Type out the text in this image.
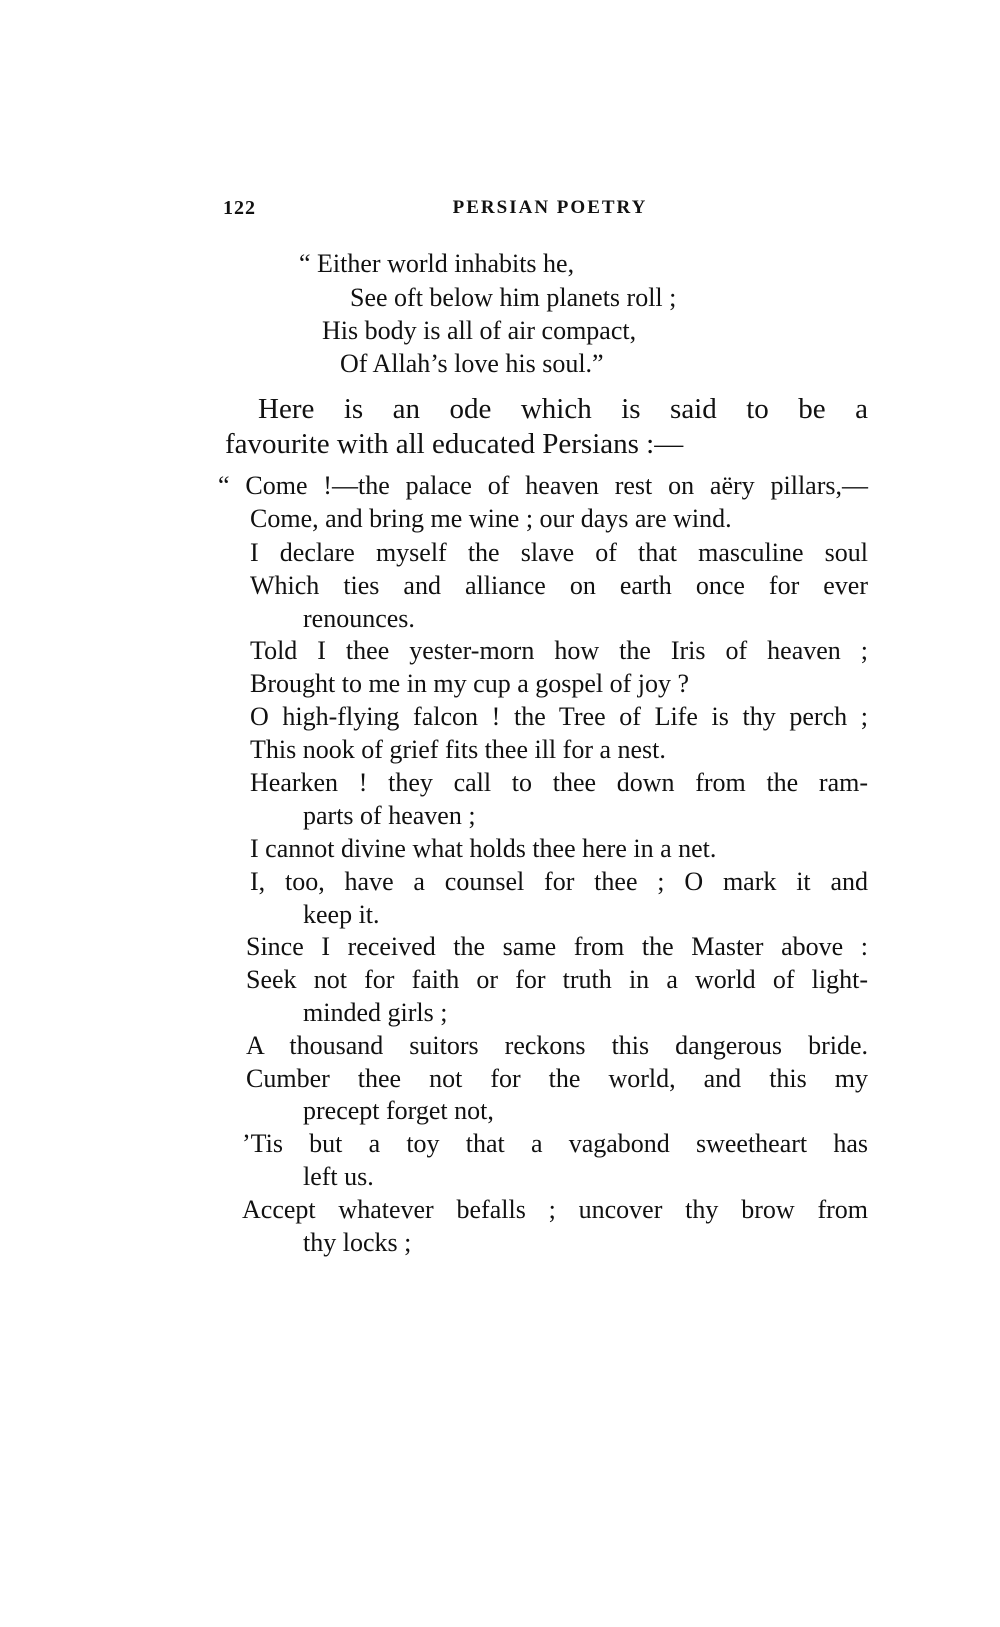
122	PERSIAN POETRY
“ Either world inhabits he,
See oft below him planets roll ;
His body is all of air compact,
Of Allah’s love his soul.”
Here is an ode which is said to be a
favourite with all educated Persians :—
“ Come !—the palace of heaven rest on aëry pillars,—
Come, and bring me wine ; our days are wind.
I declare myself the slave of that masculine soul
Which ties and alliance on earth once for ever
renounces.
Told I thee yester-morn how the Iris of heaven ;
Brought to me in my cup a gospel of joy ?
O high-flying falcon ! the Tree of Life is thy perch ;
This nook of grief fits thee ill for a nest.
Hearken ! they call to thee down from the ram-
parts of heaven ;
I cannot divine what holds thee here in a net.
I, too, have a counsel for thee ; O mark it and
keep it.
Since I received the same from the Master above :
Seek not for faith or for truth in a world of light-
minded girls ;
A thousand suitors reckons this dangerous bride.
Cumber thee not for the world, and this my
precept forget not,
’Tis but a toy that a vagabond sweetheart has
left us.
Accept whatever befalls ; uncover thy brow from
thy locks ;
